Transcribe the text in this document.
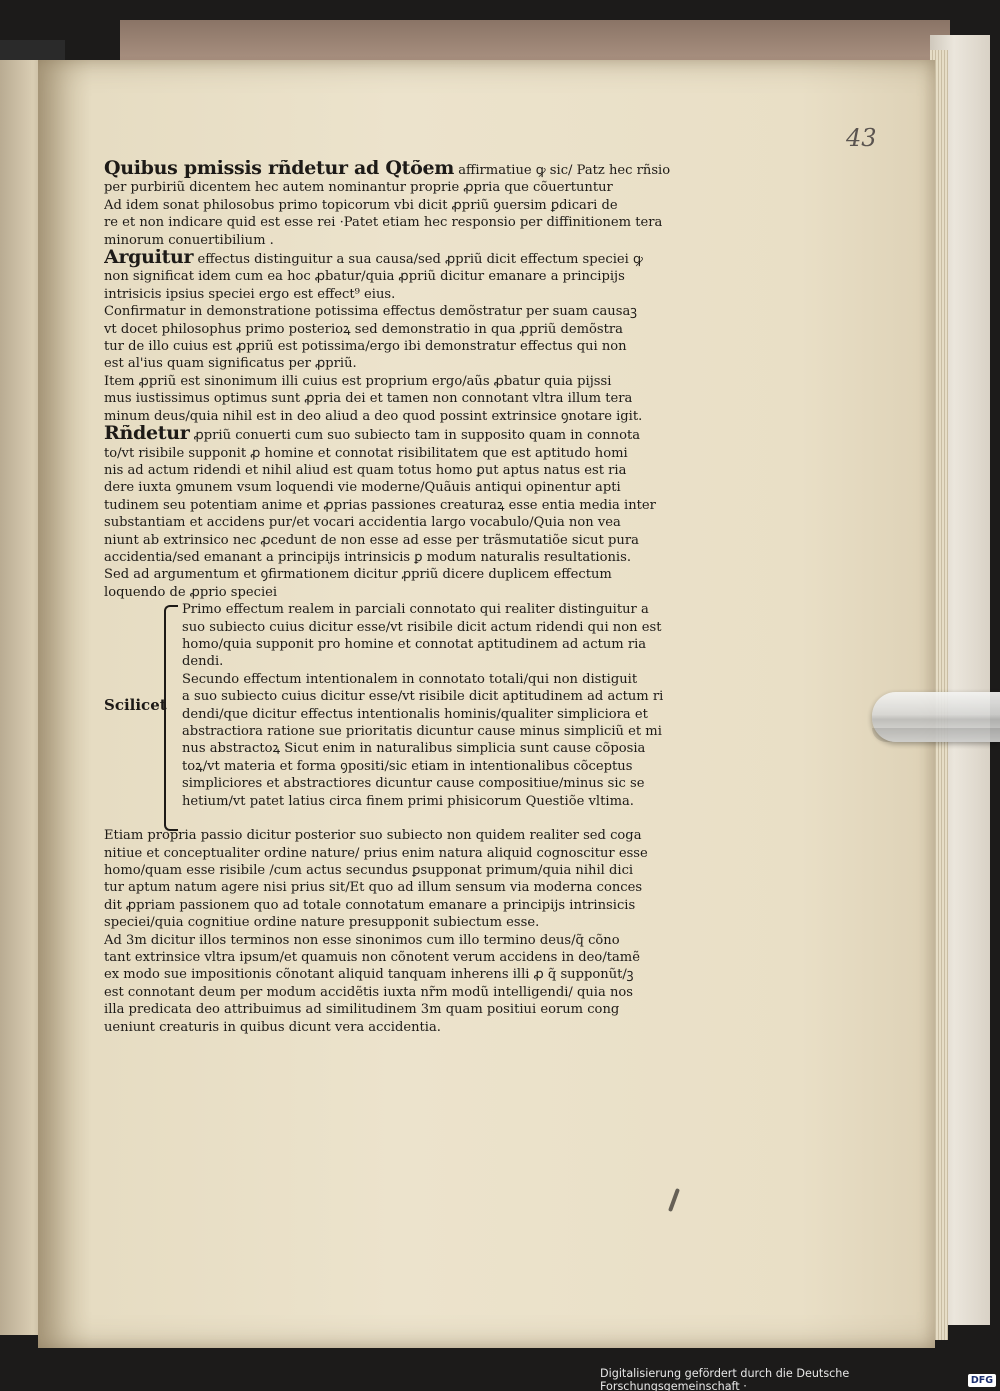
43

Quibus pmissis rñdetur ad Qtõem affirmatiue ꝙ sic/ Patz hec rñsio
per purbiriũ dicentem hec autem nominantur proprie ꝓpria que cõuertuntur
Ad idem sonat philosobus primo topicorum vbi dicit ꝓpriũ ꝯuersim ꝑdicari de
re et non indicare quid est esse rei ·Patet etiam hec responsio per diffinitionem tera
minorum conuertibilium .

Arguitur effectus distinguitur a sua causa/sed ꝓpriũ dicit effectum speciei ꝙ
non significat idem cum ea hoc ꝓbatur/quia ꝓpriũ dicitur emanare a principijs
intrisicis ipsius speciei ergo est effect⁹ eius.

Confirmatur in demonstratione potissima effectus demõstratur per suam causaꝫ
vt docet philosophus primo posterioꝝ sed demonstratio in qua ꝓpriũ demõstra
tur de illo cuius est ꝓpriũ est potissima/ergo ibi demonstratur effectus qui non
est al'ius quam significatus per ꝓpriũ.

Item ꝓpriũ est sinonimum illi cuius est proprium ergo/aũs ꝓbatur quia pijssi
mus iustissimus optimus sunt ꝓpria dei et tamen non connotant vltra illum tera
minum deus/quia nihil est in deo aliud a deo quod possint extrinsice ꝯnotare igit.

Rñdetur ꝓpriũ conuerti cum suo subiecto tam in supposito quam in connota
to/vt risibile supponit ꝓ homine et connotat risibilitatem que est aptitudo homi
nis ad actum ridendi et nihil aliud est quam totus homo ꝑut aptus natus est ria
dere iuxta ꝯmunem vsum loquendi vie moderne/Quãuis antiqui opinentur apti
tudinem seu potentiam anime et ꝓprias passiones creaturaꝝ esse entia media inter
substantiam et accidens pur/et vocari accidentia largo vocabulo/Quia non vea
niunt ab extrinsico nec ꝓcedunt de non esse ad esse per trãsmutatiõe sicut pura
accidentia/sed emanant a principijs intrinsicis ꝑ modum naturalis resultationis.

Sed ad argumentum et ꝯfirmationem dicitur ꝓpriũ dicere duplicem effectum
loquendo de ꝓprio speciei

Scilicet
Primo effectum realem in parciali connotato qui realiter distinguitur a
suo subiecto cuius dicitur esse/vt risibile dicit actum ridendi qui non est
homo/quia supponit pro homine et connotat aptitudinem ad actum ria
dendi.
Secundo effectum intentionalem in connotato totali/qui non distiguit
a suo subiecto cuius dicitur esse/vt risibile dicit aptitudinem ad actum ri
dendi/que dicitur effectus intentionalis hominis/qualiter simpliciora et
abstractiora ratione sue prioritatis dicuntur cause minus simpliciũ et mi
nus abstractoꝝ Sicut enim in naturalibus simplicia sunt cause cõposia
toꝝ/vt materia et forma ꝯpositi/sic etiam in intentionalibus cõceptus
simpliciores et abstractiores dicuntur cause compositiue/minus sic se
hetium/vt patet latius circa finem primi phisicorum Questiõe vltima.

Etiam propria passio dicitur posterior suo subiecto non quidem realiter sed coga
nitiue et conceptualiter ordine nature/ prius enim natura aliquid cognoscitur esse
homo/quam esse risibile /cum actus secundus ꝑsupponat primum/quia nihil dici
tur aptum natum agere nisi prius sit/Et quo ad illum sensum via moderna conces
dit ꝓpriam passionem quo ad totale connotatum emanare a principijs intrinsicis
speciei/quia cognitiue ordine nature presupponit subiectum esse.

Ad 3m dicitur illos terminos non esse sinonimos cum illo termino deus/q̃ cõno
tant extrinsice vltra ipsum/et quamuis non cõnotent verum accidens in deo/tamẽ
ex modo sue impositionis cõnotant aliquid tanquam inherens illi ꝓ q̃ supponũt/ꝫ
est connotant deum per modum accidẽtis iuxta nr̃m modũ intelligendi/ quia nos
illa predicata deo attribuimus ad similitudinem 3m quam positiui eorum cong
ueniunt creaturis in quibus dicunt vera accidentia.

Digitalisierung gefördert durch die Deutsche Forschungsgemeinschaft ·	DFG
